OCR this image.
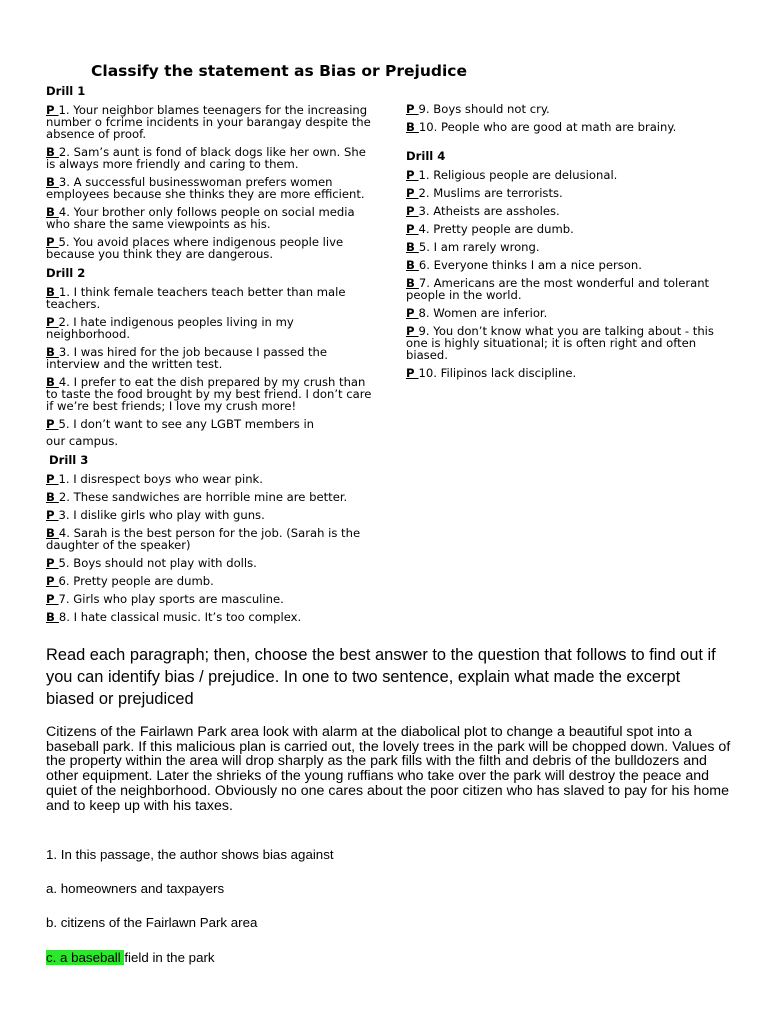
Classify the statement as Bias or Prejudice
Drill 1
P 1. Your neighbor blames teenagers for the increasing number o fcrime incidents in your barangay despite the absence of proof.
B 2. Sam’s aunt is fond of black dogs like her own. She is always more friendly and caring to them.
B 3. A successful businesswoman prefers women employees because she thinks they are more efficient.
B 4. Your brother only follows people on social media who share the same viewpoints as his.
P 5. You avoid places where indigenous people live because you think they are dangerous.
Drill 2
B 1. I think female teachers teach better than male teachers.
P 2. I hate indigenous peoples living in my neighborhood.
B 3. I was hired for the job because I passed the interview and the written test.
B 4. I prefer to eat the dish prepared by my crush than to taste the food brought by my best friend. I don’t care if we’re best friends; I love my crush more!
P 5. I don’t want to see any LGBT members in
our campus.
Drill 3
P 1. I disrespect boys who wear pink.
B 2. These sandwiches are horrible mine are better.
P 3. I dislike girls who play with guns.
B 4. Sarah is the best person for the job. (Sarah is the daughter of the speaker)
P 5. Boys should not play with dolls.
P 6. Pretty people are dumb.
P 7. Girls who play sports are masculine.
B 8. I hate classical music. It’s too complex.
P 9. Boys should not cry.
B 10. People who are good at math are brainy.
Drill 4
P 1. Religious people are delusional.
P 2. Muslims are terrorists.
P 3. Atheists are assholes.
P 4. Pretty people are dumb.
B 5. I am rarely wrong.
B 6. Everyone thinks I am a nice person.
B 7. Americans are the most wonderful and tolerant people in the world.
P 8. Women are inferior.
P 9. You don’t know what you are talking about - this one is highly situational; it is often right and often biased.
P 10. Filipinos lack discipline.
Read each paragraph; then, choose the best answer to the question that follows to find out if you can identify bias / prejudice. In one to two sentence, explain what made the excerpt biased or prejudiced
Citizens of the Fairlawn Park area look with alarm at the diabolical plot to change a beautiful spot into a baseball park. If this malicious plan is carried out, the lovely trees in the park will be chopped down. Values of the property within the area will drop sharply as the park fills with the filth and debris of the bulldozers and other equipment. Later the shrieks of the young ruffians who take over the park will destroy the peace and quiet of the neighborhood. Obviously no one cares about the poor citizen who has slaved to pay for his home and to keep up with his taxes.
1. In this passage, the author shows bias against
a. homeowners and taxpayers
b. citizens of the Fairlawn Park area
c. a baseball field in the park
